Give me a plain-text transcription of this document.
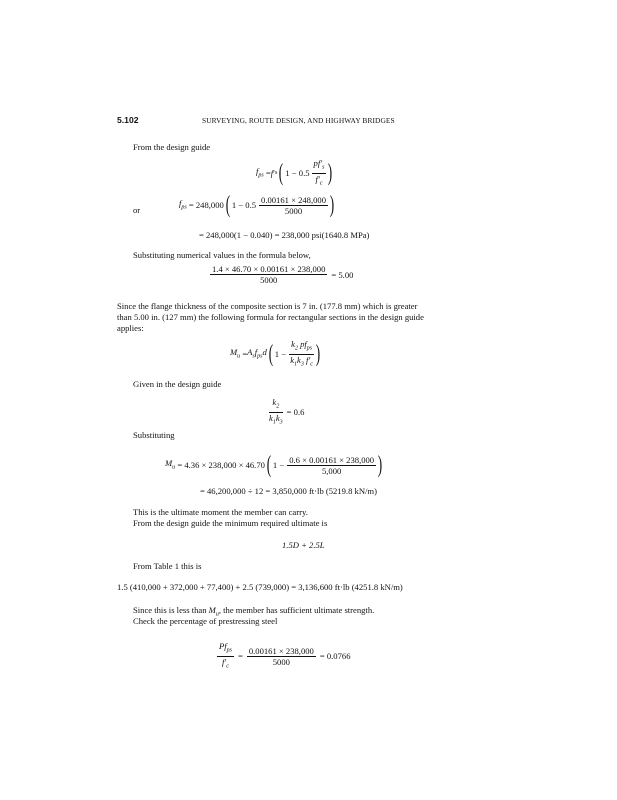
5.102	SURVEYING, ROUTE DESIGN, AND HIGHWAY BRIDGES
From the design guide
$f_{ps} = f$ ′ s ( $1 - 0.5 \frac{pf'_s}{f'_c}$ )
or
$f_{ps}$
= 248,000 ( $1 - 0.5 \frac{0.00161 \times 248,000}{5000}$ )
= 248,000(1 − 0.040) = 238,000 psi(1640.8 MPa)
Substituting numerical values in the formula below,
$\frac{1.4 \times 46.70 \times 0.00161 \times 238,000}{5000} = 5.00$
Since the flange thickness of the composite section is 7 in. (177.8 mm) which is greater
than 5.00 in. (127 mm) the following formula for rectangular sections in the design guide
applies:
$M_u = A_sf_{ps}d$ ( $1 - \frac{k_2 pf_{ps}}{k_1k_3 f'_c}$ )
Given in the design guide
$\frac{k_2}{k_1k_3} = 0.6$
Substituting
$M_u$
= 4.36 × 238,000 × 46.70 ( $1 - \frac{0.6 \times 0.00161 \times 238,000}{5,000}$ )
= 46,200,000 ÷ 12 = 3,850,000 ft·lb (5219.8 kN/m)
This is the ultimate moment the member can carry.
From the design guide the minimum required ultimate is
1.5D + 2.5L
From Table 1 this is
1.5 (410,000 + 372,000 + 77,400) + 2.5 (739,000) = 3,136,600 ft·lb (4251.8 kN/m)
Since this is less than $M_u$, the member has sufficient ultimate strength.
Check the percentage of prestressing steel
$\frac{Pf_{ps}}{f'_c} = \frac{0.00161 \times 238,000}{5000} = 0.0766$
